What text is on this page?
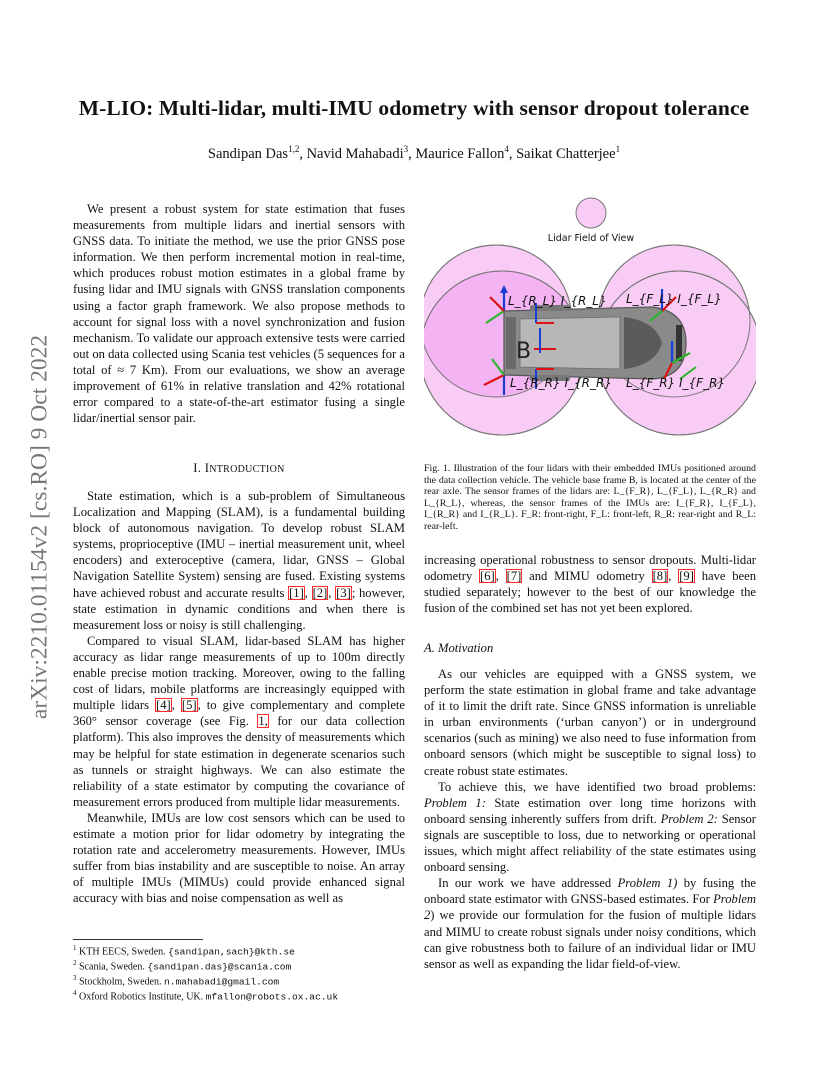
arXiv:2210.01154v2 [cs.RO] 9 Oct 2022
M-LIO: Multi-lidar, multi-IMU odometry with sensor dropout tolerance
Sandipan Das$^{1,2}$, Navid Mahabadi$^3$, Maurice Fallon$^4$, Saikat Chatterjee$^1$

We present a robust system for state estimation that fuses measurements from multiple lidars and inertial sensors with GNSS data. To initiate the method, we use the prior GNSS pose information. We then perform incremental motion in real-time, which produces robust motion estimates in a global frame by fusing lidar and IMU signals with GNSS translation components using a factor graph framework. We also propose methods to account for signal loss with a novel synchronization and fusion mechanism. To validate our approach extensive tests were carried out on data collected using Scania test vehicles (5 sequences for a total of ≈ 7 Km). From our evaluations, we show an average improvement of 61% in relative translation and 42% rotational error compared to a state-of-the-art estimator fusing a single lidar/inertial sensor pair.

I. INTRODUCTION

State estimation, which is a sub-problem of Simultaneous Localization and Mapping (SLAM), is a fundamental building block of autonomous navigation. To develop robust SLAM systems, proprioceptive (IMU – inertial measurement unit, wheel encoders) and exteroceptive (camera, lidar, GNSS – Global Navigation Satellite System) sensing are fused. Existing systems have achieved robust and accurate results [1], [2], [3]; however, state estimation in dynamic conditions and when there is measurement loss or noisy is still challenging.

Compared to visual SLAM, lidar-based SLAM has higher accuracy as lidar range measurements of up to 100m directly enable precise motion tracking. Moreover, owing to the falling cost of lidars, mobile platforms are increasingly equipped with multiple lidars [4], [5], to give complementary and complete 360° sensor coverage (see Fig. 1, for our data collection platform). This also improves the density of measurements which may be helpful for state estimation in degenerate scenarios such as tunnels or straight highways. We can also estimate the reliability of a state estimator by computing the covariance of measurement errors produced from multiple lidar measurements.

Meanwhile, IMUs are low cost sensors which can be used to estimate a motion prior for lidar odometry by integrating the rotation rate and accelerometry measurements. However, IMUs suffer from bias instability and are susceptible to noise. An array of multiple IMUs (MIMUs) could provide enhanced signal accuracy with bias and noise compensation as well as

$^1$ KTH EECS, Sweden. {sandipan,sach}@kth.se
$^2$ Scania, Sweden. {sandipan.das}@scania.com
$^3$ Stockholm, Sweden. n.mahabadi@gmail.com
$^4$ Oxford Robotics Institute, UK. mfallon@robots.ox.ac.uk
Lidar Field of View
B
L_{R_L} I_{R_L} L_{F_L} I_{F_L}
L_{R_R} I_{R_R} L_{F_R} I_{F_R}
Fig. 1. Illustration of the four lidars with their embedded IMUs positioned around the data collection vehicle. The vehicle base frame B, is located at the center of the rear axle. The sensor frames of the lidars are: L_{F_R}, L_{F_L}, L_{R_R} and L_{R_L}, whereas, the sensor frames of the IMUs are: I_{F_R}, I_{F_L}, I_{R_R} and I_{R_L}. F_R: front-right, F_L: front-left, R_R: rear-right and R_L: rear-left.

increasing operational robustness to sensor dropouts. Multi-lidar odometry [6], [7] and MIMU odometry [8], [9] have been studied separately; however to the best of our knowledge the fusion of the combined set has not yet been explored.

A. Motivation

As our vehicles are equipped with a GNSS system, we perform the state estimation in global frame and take advantage of it to limit the drift rate. Since GNSS information is unreliable in urban environments (‘urban canyon’) or in underground scenarios (such as mining) we also need to fuse information from onboard sensors (which might be susceptible to signal loss) to create robust state estimates.

To achieve this, we have identified two broad problems: Problem 1: State estimation over long time horizons with onboard sensing inherently suffers from drift. Problem 2: Sensor signals are susceptible to loss, due to networking or operational issues, which might affect reliability of the state estimates using onboard sensing.

In our work we have addressed Problem 1) by fusing the onboard state estimator with GNSS-based estimates. For Problem 2) we provide our formulation for the fusion of multiple lidars and MIMU to create robust signals under noisy conditions, which can give robustness both to failure of an individual lidar or IMU sensor as well as expanding the lidar field-of-view.
